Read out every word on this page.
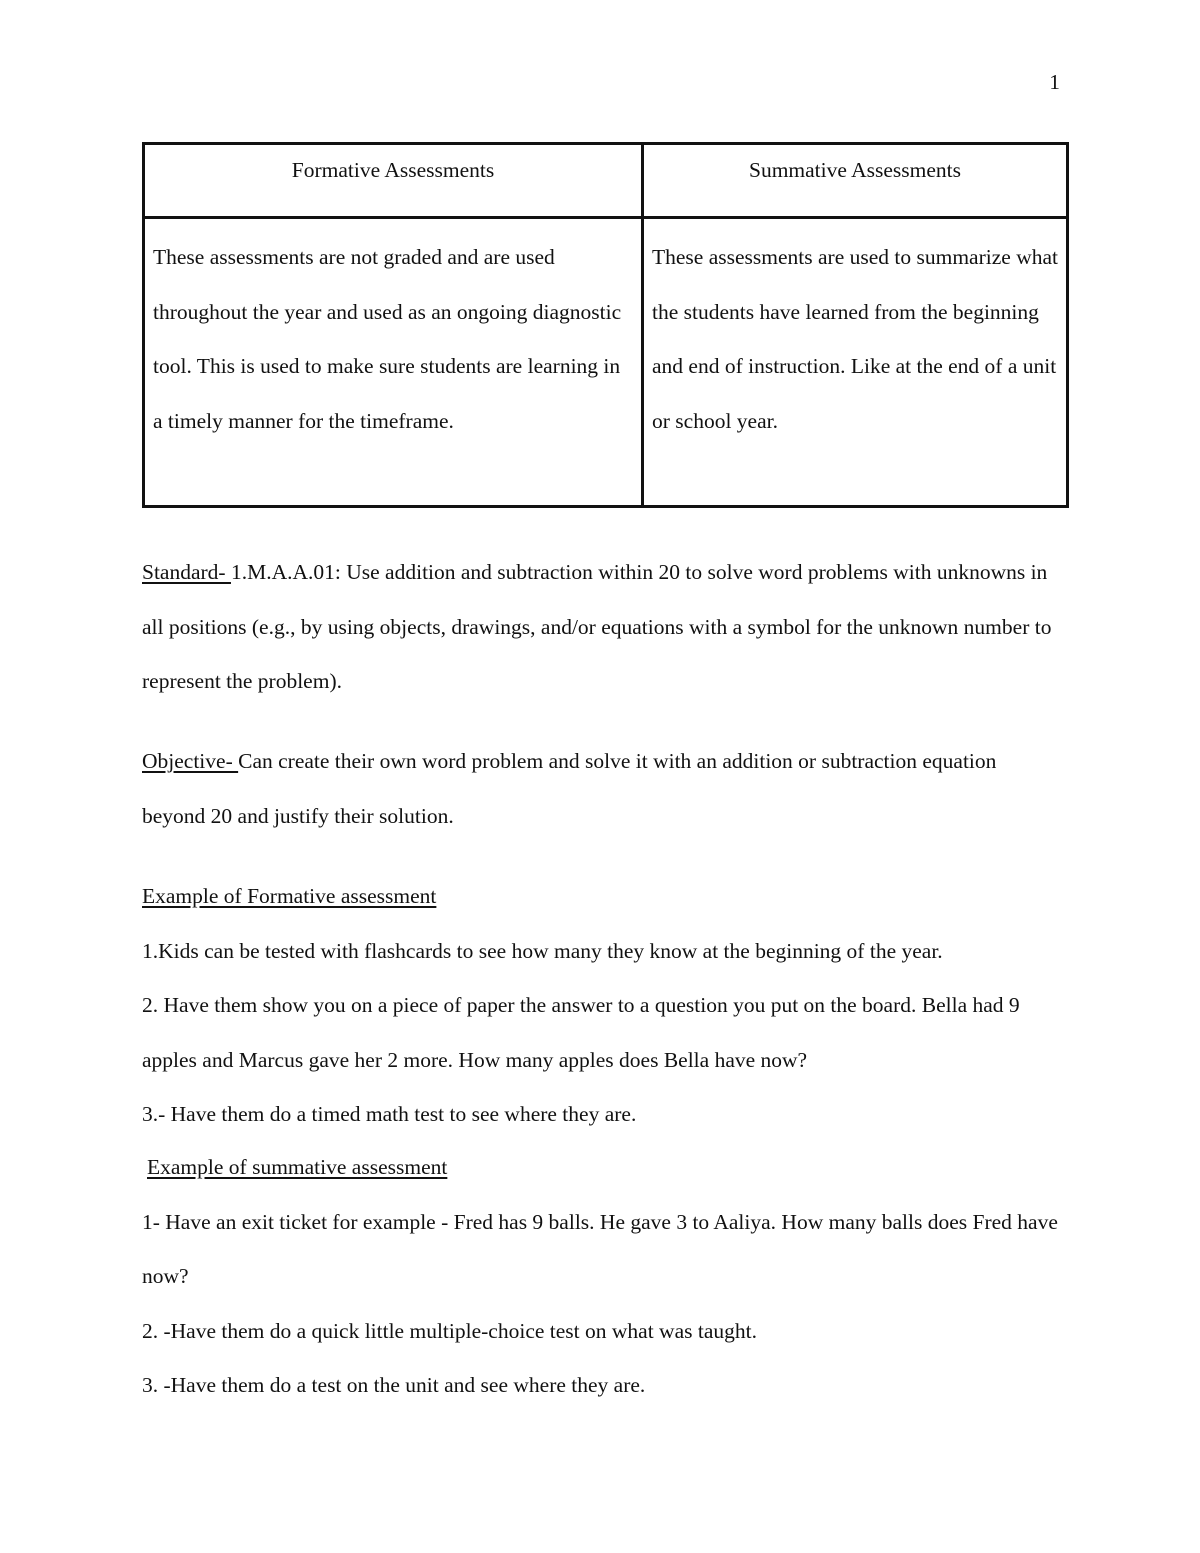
1
Formative Assessments	Summative Assessments

These assessments are not graded and are used throughout the year and used as an ongoing diagnostic tool. This is used to make sure students are learning in a timely manner for the timeframe.	These assessments are used to summarize what the students have learned from the beginning and end of instruction. Like at the end of a unit or school year.

Standard- 1.M.A.A.01: Use addition and subtraction within 20 to solve word problems with unknowns in all positions (e.g., by using objects, drawings, and/or equations with a symbol for the unknown number to represent the problem).

Objective- Can create their own word problem and solve it with an addition or subtraction equation beyond 20 and justify their solution.

Example of Formative assessment

1.Kids can be tested with flashcards to see how many they know at the beginning of the year.

2. Have them show you on a piece of paper the answer to a question you put on the board. Bella had 9 apples and Marcus gave her 2 more. How many apples does Bella have now?

3.- Have them do a timed math test to see where they are.

Example of summative assessment

1- Have an exit ticket for example - Fred has 9 balls. He gave 3 to Aaliya. How many balls does Fred have now?

2. -Have them do a quick little multiple-choice test on what was taught.

3. -Have them do a test on the unit and see where they are.
